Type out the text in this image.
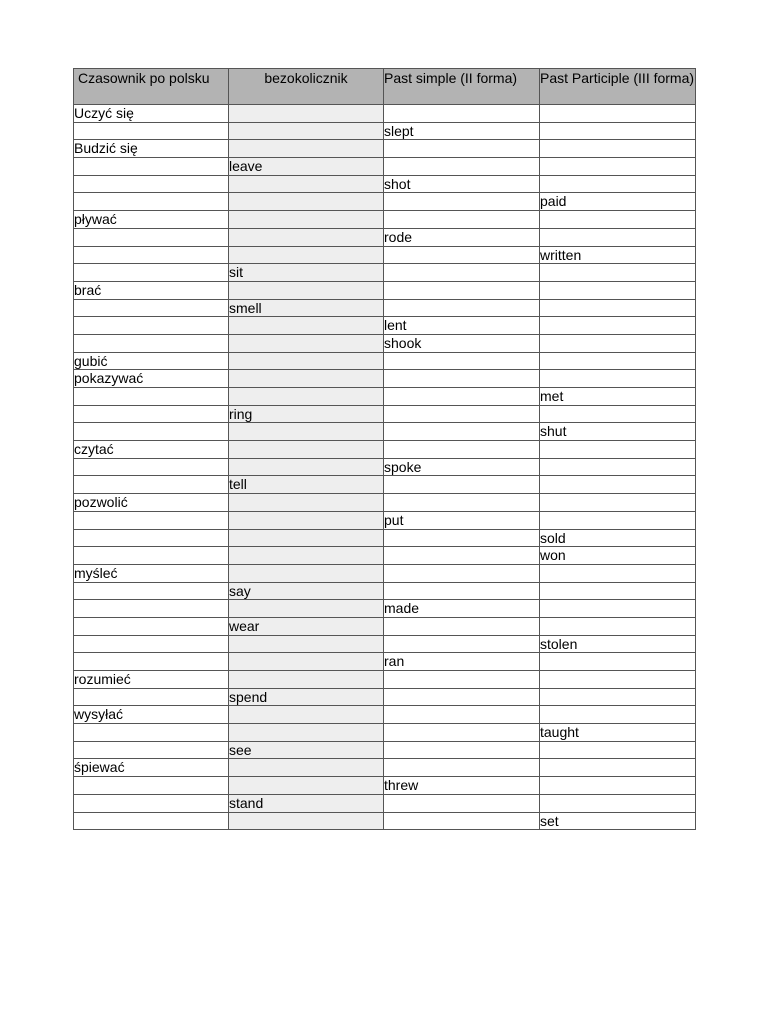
Czasownik po polsku	bezokolicznik	Past simple (II forma)	Past Participle (III forma)
Uczyć się			
		slept	
Budzić się			
	leave		
		shot	
			paid
pływać			
		rode	
			written
	sit		
brać			
	smell		
		lent	
		shook	
gubić			
pokazywać			
			met
	ring		
			shut
czytać			
		spoke	
	tell		
pozwolić			
		put	
			sold
			won
myśleć			
	say		
		made	
	wear		
			stolen
		ran	
rozumieć			
	spend		
wysyłać			
			taught
	see		
śpiewać			
		threw	
	stand		
			set
